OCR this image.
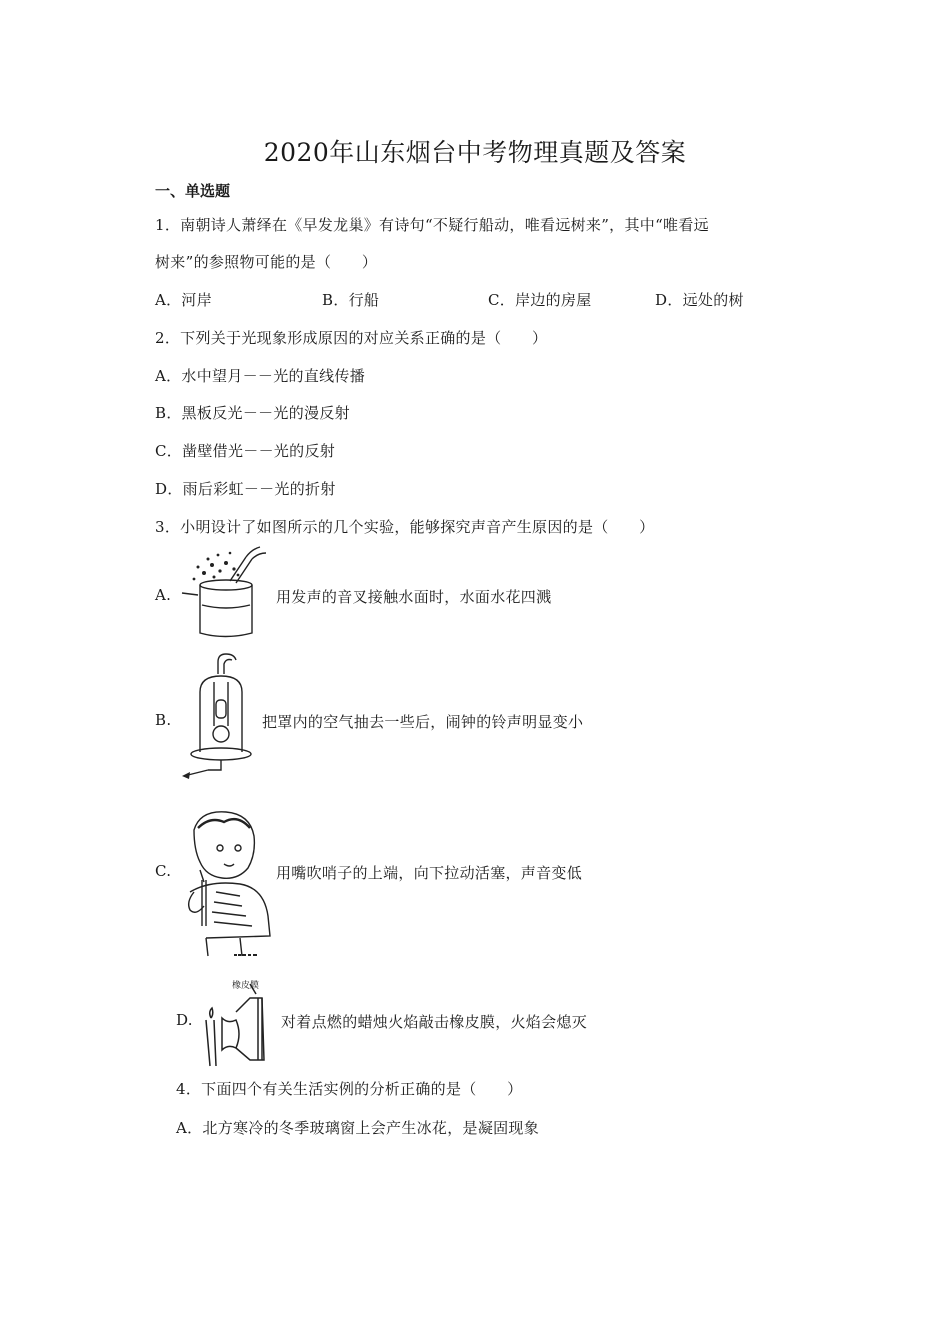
2020年山东烟台中考物理真题及答案
一、单选题
1．南朝诗人萧绎在《早发龙巢》有诗句“不疑行船动，唯看远树来”，其中“唯看远
树来”的参照物可能的是（　　）
A．河岸	B．行船	C．岸边的房屋	D．远处的树
2．下列关于光现象形成原因的对应关系正确的是（　　）
A．水中望月－－光的直线传播
B．黑板反光－－光的漫反射
C．凿壁借光－－光的反射
D．雨后彩虹－－光的折射
3．小明设计了如图所示的几个实验，能够探究声音产生原因的是（　　）
A.	用发声的音叉接触水面时，水面水花四溅
B.	把罩内的空气抽去一些后，闹钟的铃声明显变小
C.	用嘴吹哨子的上端，向下拉动活塞，声音变低
D.
橡皮膜
对着点燃的蜡烛火焰敲击橡皮膜，火焰会熄灭
4．下面四个有关生活实例的分析正确的是（　　）
A．北方寒冷的冬季玻璃窗上会产生冰花，是凝固现象
